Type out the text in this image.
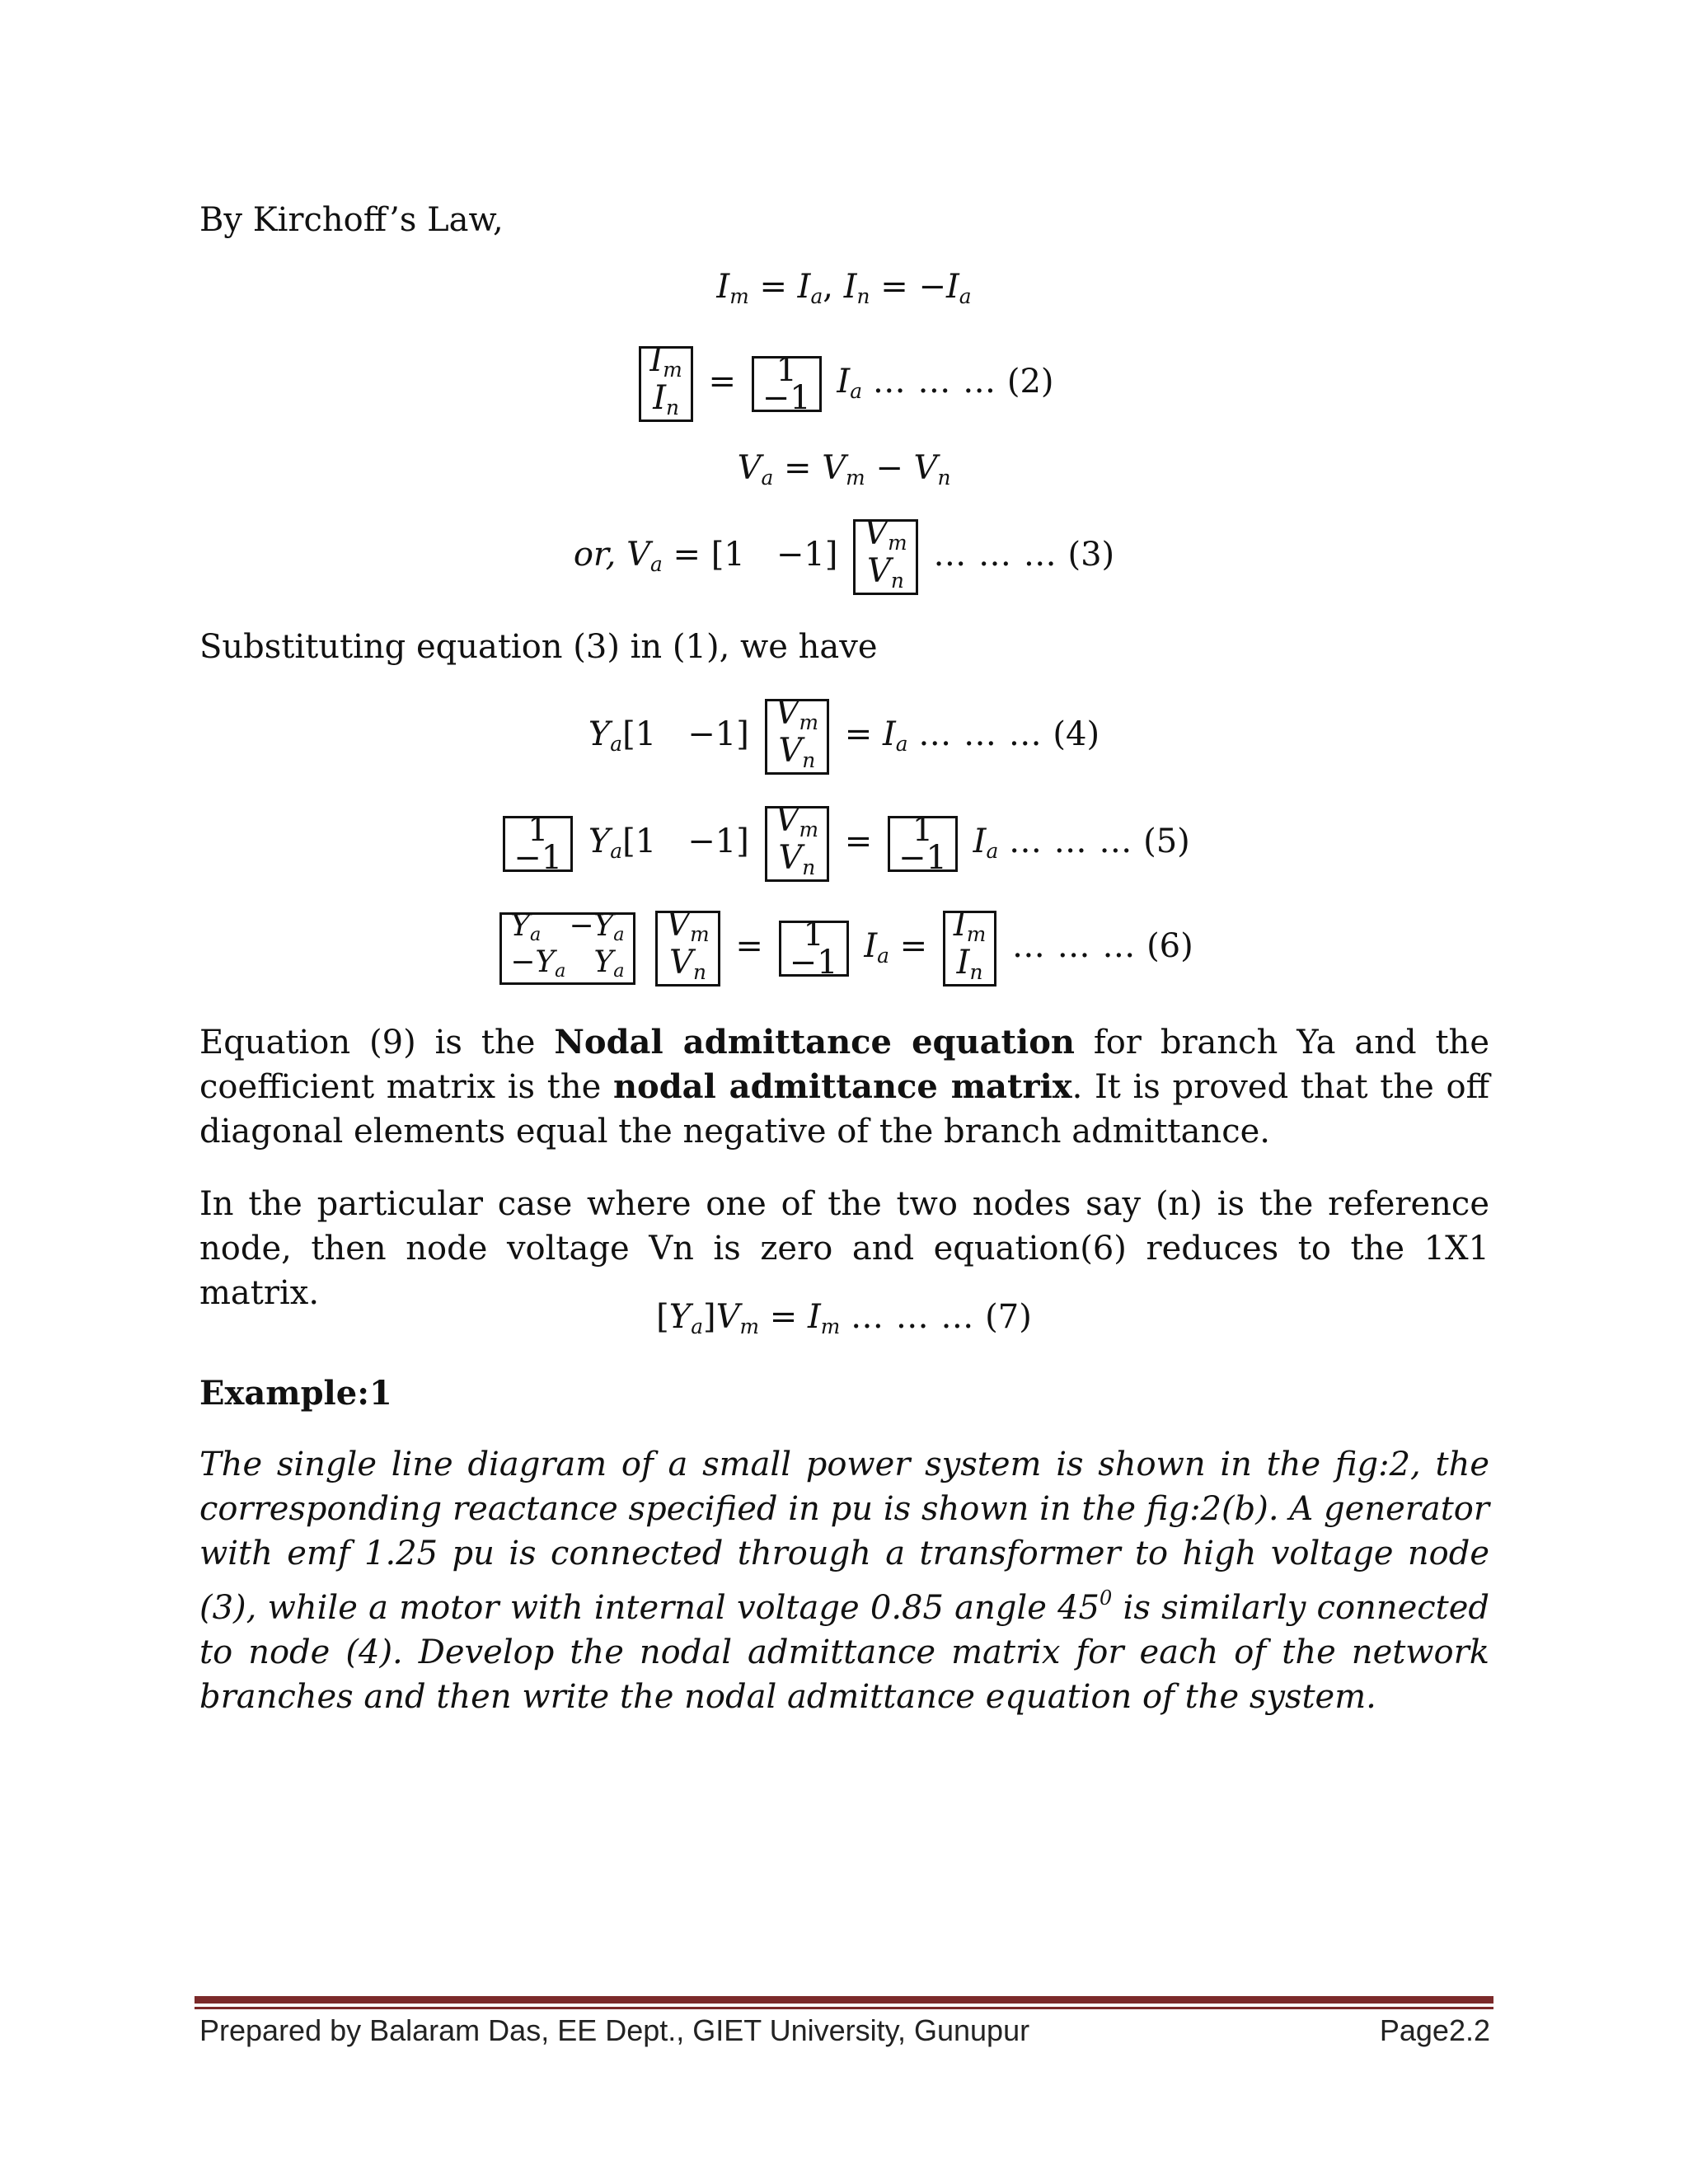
By Kirchoff’s Law,
$I_m = I_a$, $I_n = -I_a$
$I_m$
$I_n$
= 1
−1 $I_a$ … … … (2)
$V_a = V_m - V_n$
or, $V_a = [1 -1]$
$V_m$
$V_n$
… … … (3)
Substituting equation (3) in (1), we have
$Y_a[1 -1]$
$V_m$
$V_n$
= $I_a$ … … … (4)
1
−1 $Y_a[1 -1]$
$V_m$
$V_n$
= 1
−1 $I_a$ … … … (5)
$Y_a -Y_a$
$-Y_a$ $Y_a$

$V_m$
$V_n$
= 1
−1 $I_a$ =
$I_m$
$I_n$
… … … (6)
Equation (9) is the Nodal admittance equation for branch Ya and the coefficient matrix is the nodal admittance matrix. It is proved that the off diagonal elements equal the negative of the branch admittance.
In the particular case where one of the two nodes say (n) is the reference node, then node voltage Vn is zero and equation(6) reduces to the 1X1 matrix.
$[Y_a]V_m = I_m$ … … … (7)
Example:1
The single line diagram of a small power system is shown in the fig:2, the corresponding reactance specified in pu is shown in the fig:2(b). A generator with emf 1.25 pu is connected through a transformer to high voltage node (3), while a motor with internal voltage 0.85 angle $45^0$ is similarly connected to node (4). Develop the nodal admittance matrix for each of the network branches and then write the nodal admittance equation of the system.
Prepared by Balaram Das, EE Dept., GIET University, Gunupur	Page2.2
